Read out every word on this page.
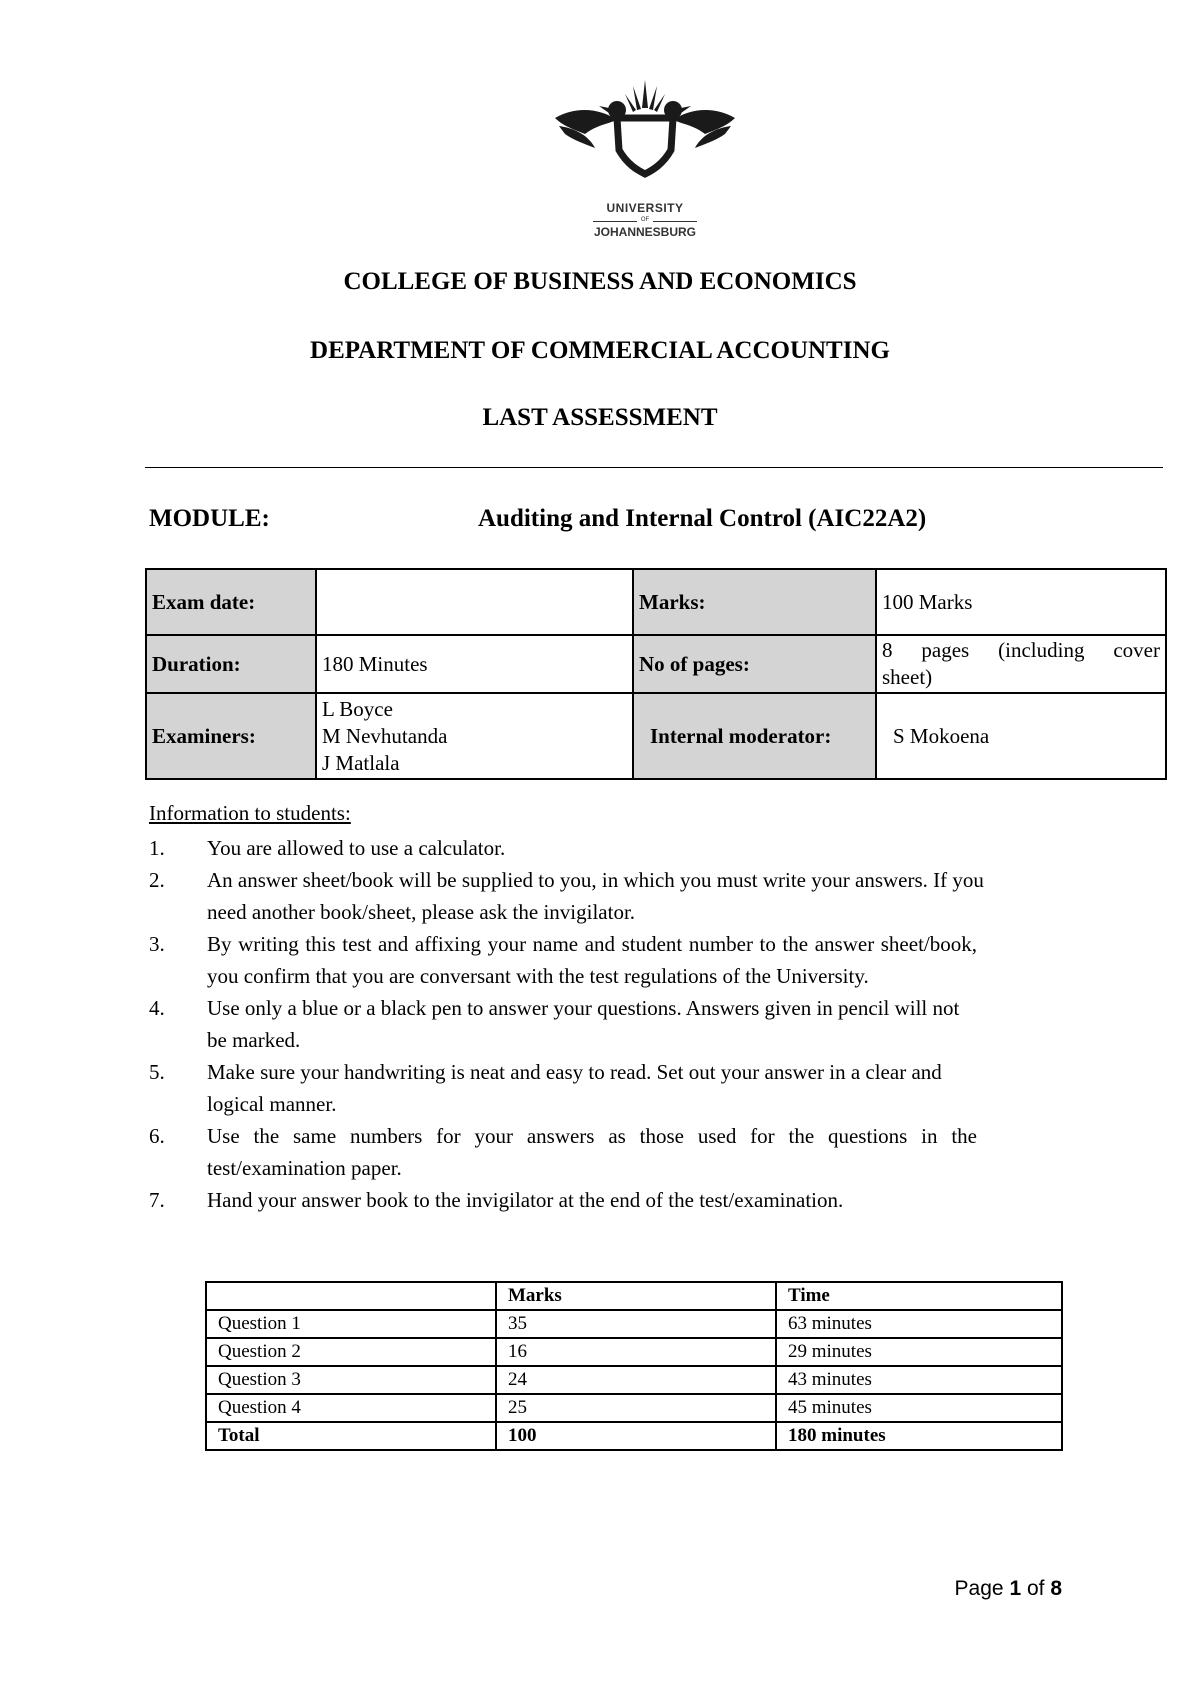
UNIVERSITY
OF
JOHANNESBURG
COLLEGE OF BUSINESS AND ECONOMICS
DEPARTMENT OF COMMERCIAL ACCOUNTING
LAST ASSESSMENT
MODULE:	Auditing and Internal Control (AIC22A2)
Exam date:		Marks:	100 Marks
Duration:	180 Minutes	No of pages:	8 pages (including cover
sheet)

Examiners:	L Boyce
M Nevhutanda
J Matlala	Internal moderator:	S Mokoena
Information to students:
1. You are allowed to use a calculator.
2. An answer sheet/book will be supplied to you, in which you must write your answers. If you need another book/sheet, please ask the invigilator.
3. By writing this test and affixing your name and student number to the answer sheet/book, you confirm that you are conversant with the test regulations of the University.
4. Use only a blue or a black pen to answer your questions. Answers given in pencil will not be marked.
5. Make sure your handwriting is neat and easy to read. Set out your answer in a clear and logical manner.
6. Use the same numbers for your answers as those used for the questions in the test/examination paper.
7. Hand your answer book to the invigilator at the end of the test/examination.
	Marks	Time
Question 1	35	63 minutes
Question 2	16	29 minutes
Question 3	24	43 minutes
Question 4	25	45 minutes
Total	100	180 minutes
Page 1 of 8
